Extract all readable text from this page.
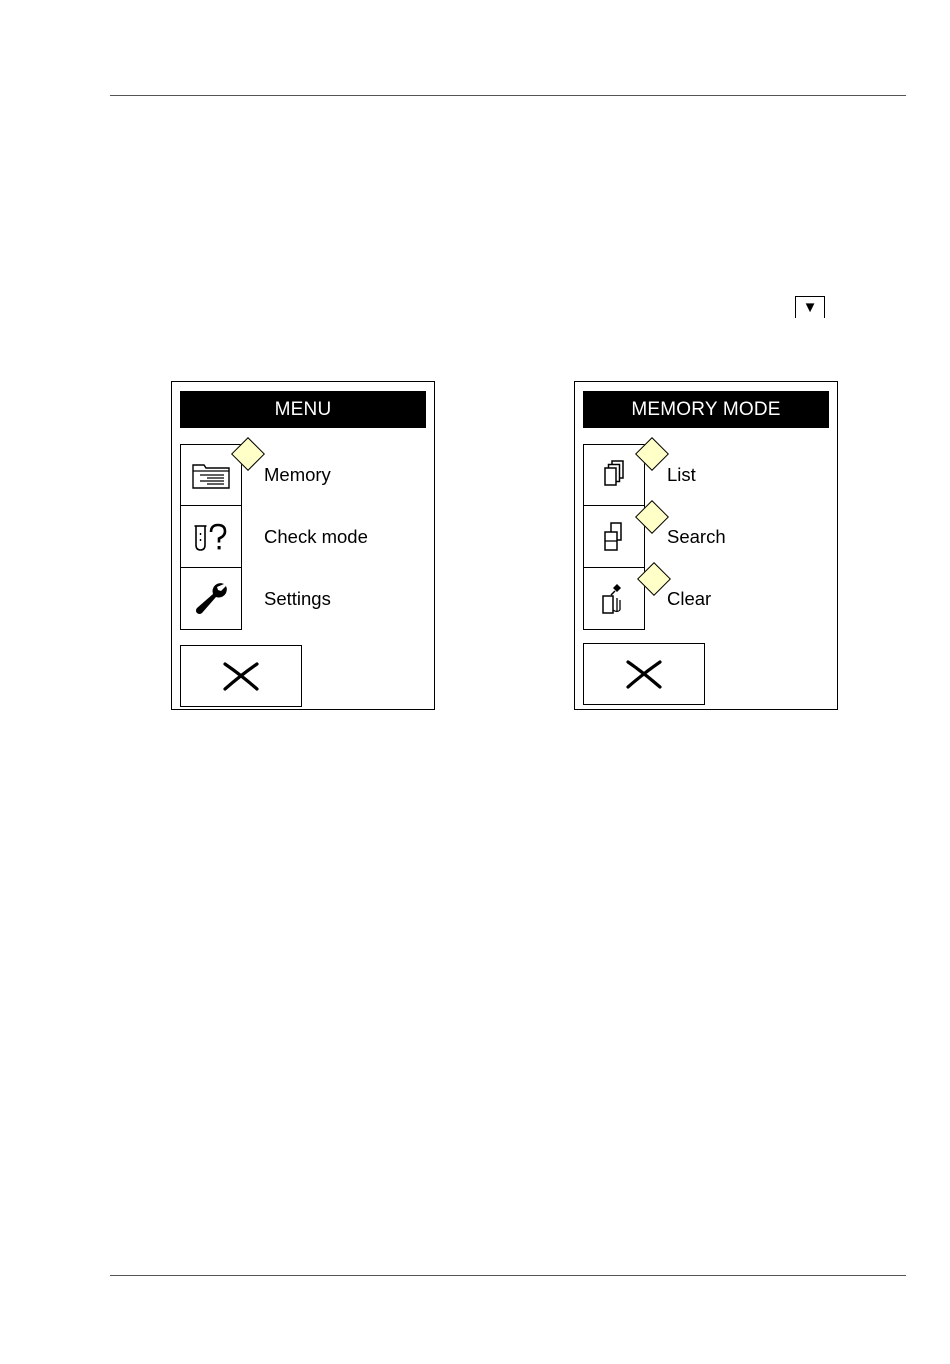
▼
MENU
Memory
Check mode
Settings
MEMORY MODE
List
Search
Clear
